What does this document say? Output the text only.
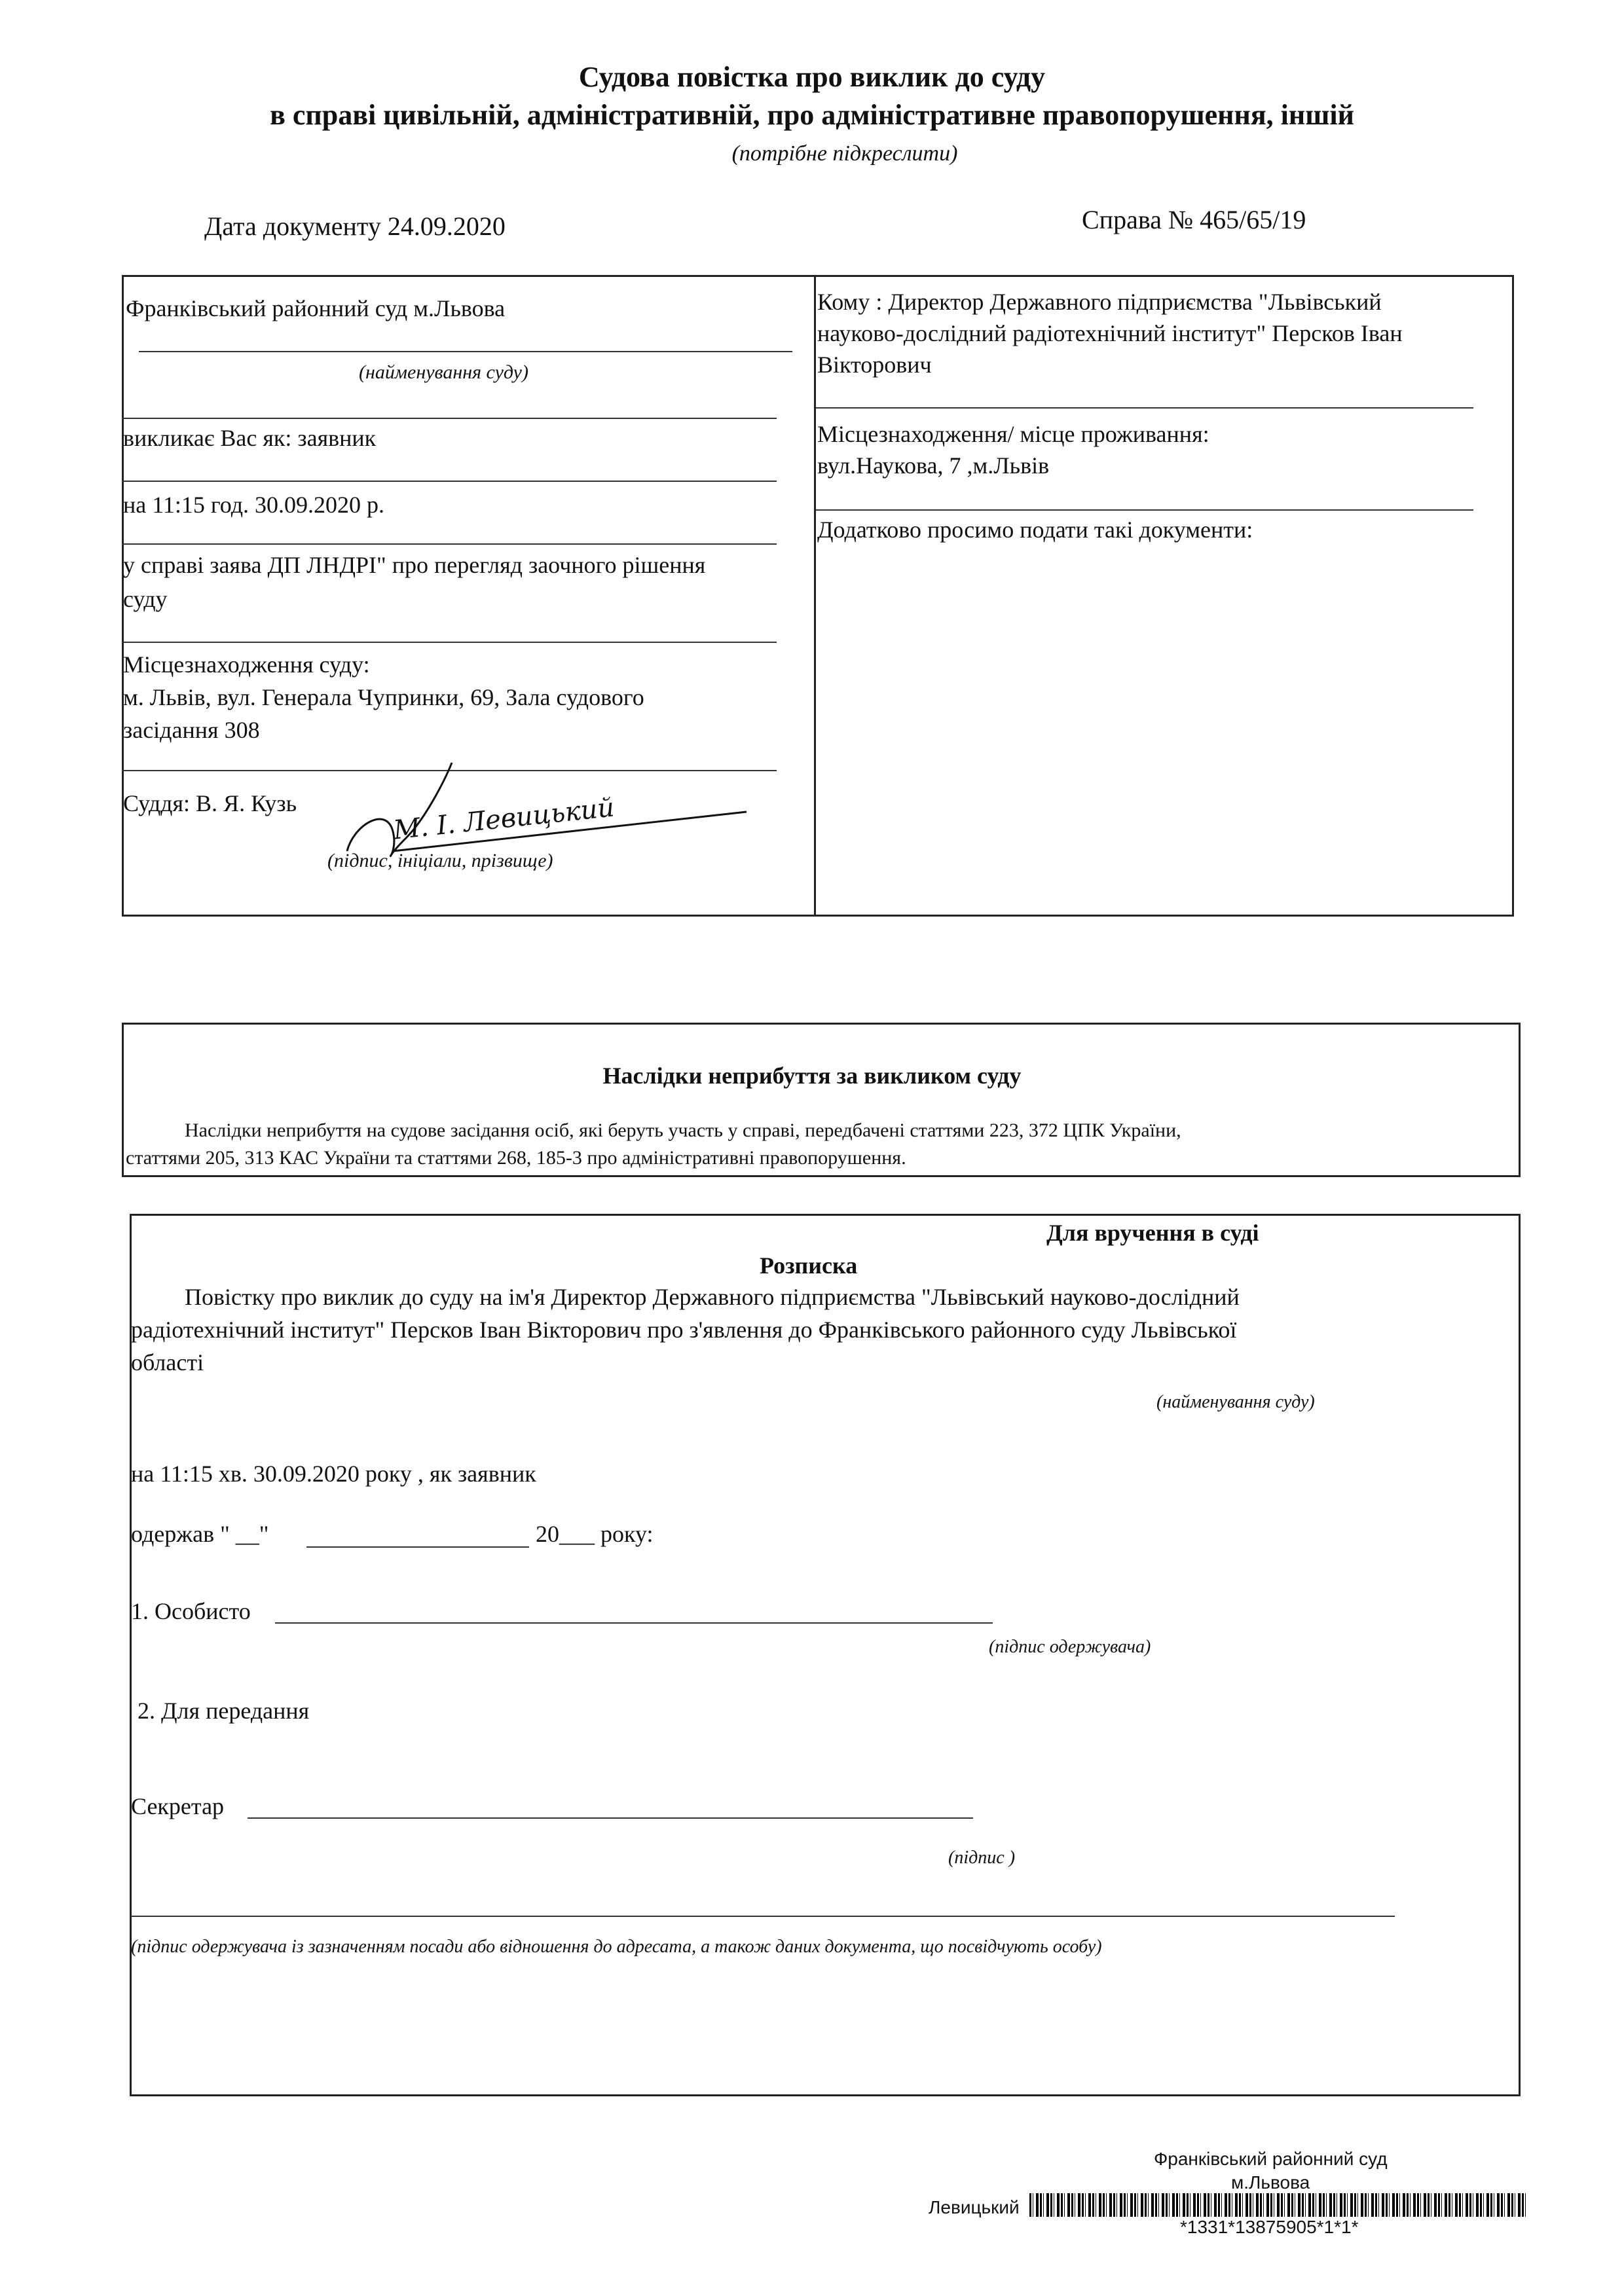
Судова повістка про виклик до суду
в справі цивільній, адміністративній, про адміністративне правопорушення, іншій
(потрібне підкреслити)
Дата документу 24.09.2020	Справа № 465/65/19
Франківський районний суд м.Львова
(найменування суду)
викликає Вас як: заявник
на 11:15 год. 30.09.2020 р.
у справі заява ДП ЛНДРІ" про перегляд заочного рішення
суду
Місцезнаходження суду:
м. Львів, вул. Генерала Чупринки, 69, Зала судового
засідання 308
Суддя: В. Я. Кузь	М. І. Левицький
(підпис, ініціали, прізвище)
Кому : Директор Державного підприємства "Львівський
науково-дослідний радіотехнічний інститут" Персков Іван
Вікторович
Місцезнаходження/ місце проживання:
вул.Наукова, 7 ,м.Львів
Додатково просимо подати такі документи:
Наслідки неприбуття за викликом суду
Наслідки неприбуття на судове засідання осіб, які беруть участь у справі, передбачені статтями 223, 372 ЦПК України,
статтями 205, 313 КАС України та статтями 268, 185-3 про адміністративні правопорушення.
Для вручення в суді
Розписка
Повістку про виклик до суду на ім'я Директор Державного підприємства "Львівський науково-дослідний
радіотехнічний інститут" Персков Іван Вікторович про з'явлення до Франківського районного суду Львівської
області
(найменування суду)
на 11:15 хв. 30.09.2020 року , як заявник
одержав " __"	20___ року:
1. Особисто
(підпис одержувача)
2. Для передання
Секретар
(підпис )
(підпис одержувача із зазначенням посади або відношення до адресата, а також даних документа, що посвідчують особу)
Франківський районний суд
м.Львова
Левицький
*1331*13875905*1*1*
